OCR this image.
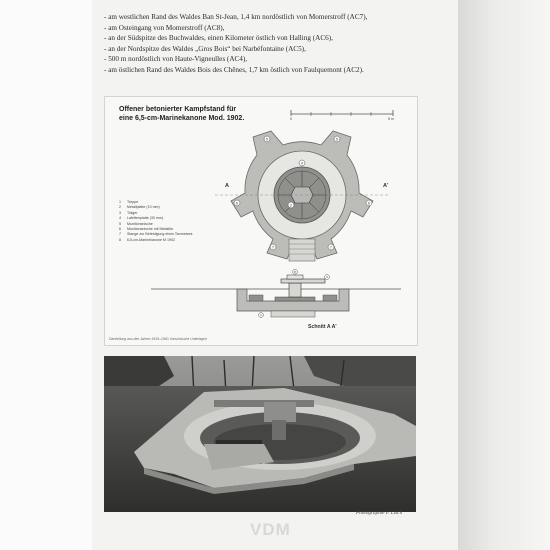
- am westlichen Rand des Waldes Ban St-Jean, 1,4 km nordöstlich von Momerstroff (AC7),
- am Osteingang von Momerstroff (AC8),
- an der Südspitze des Buchwaldes, einen Kilometer östlich von Halling (AC6),
- an der Nordspitze des Waldes „Gros Bois“ bei Narbéfontaine (AC5),
- 500 m nordöstlich von Haute-Vigneulles (AC4),
- am östlichen Rand des Waldes Bois des Chênes, 1,7 km östlich von Faulquemont (AC2).
Offener betonierter Kampfstand für
eine 6,5-cm-Marinekanone Mod. 1902.	0	5 m
5	5
6	6
7	7
4
2
A	A'
1 Treppe
2 Metallplatte (10 mm)
3 Träger
4 Lafettenplatte (30 mm)
5 Munitionsnische
6 Munitionsnische mit Metalltür
7 Stange zur Befestigung eines Tarnnetzes
8 6,5-cm-Marinekanone M 1902
8
3
1
Schnitt A A'
Darstellung aus den Jahren 1939–1940, französische Unterlagen
Photographie F. Lisch
VDM
